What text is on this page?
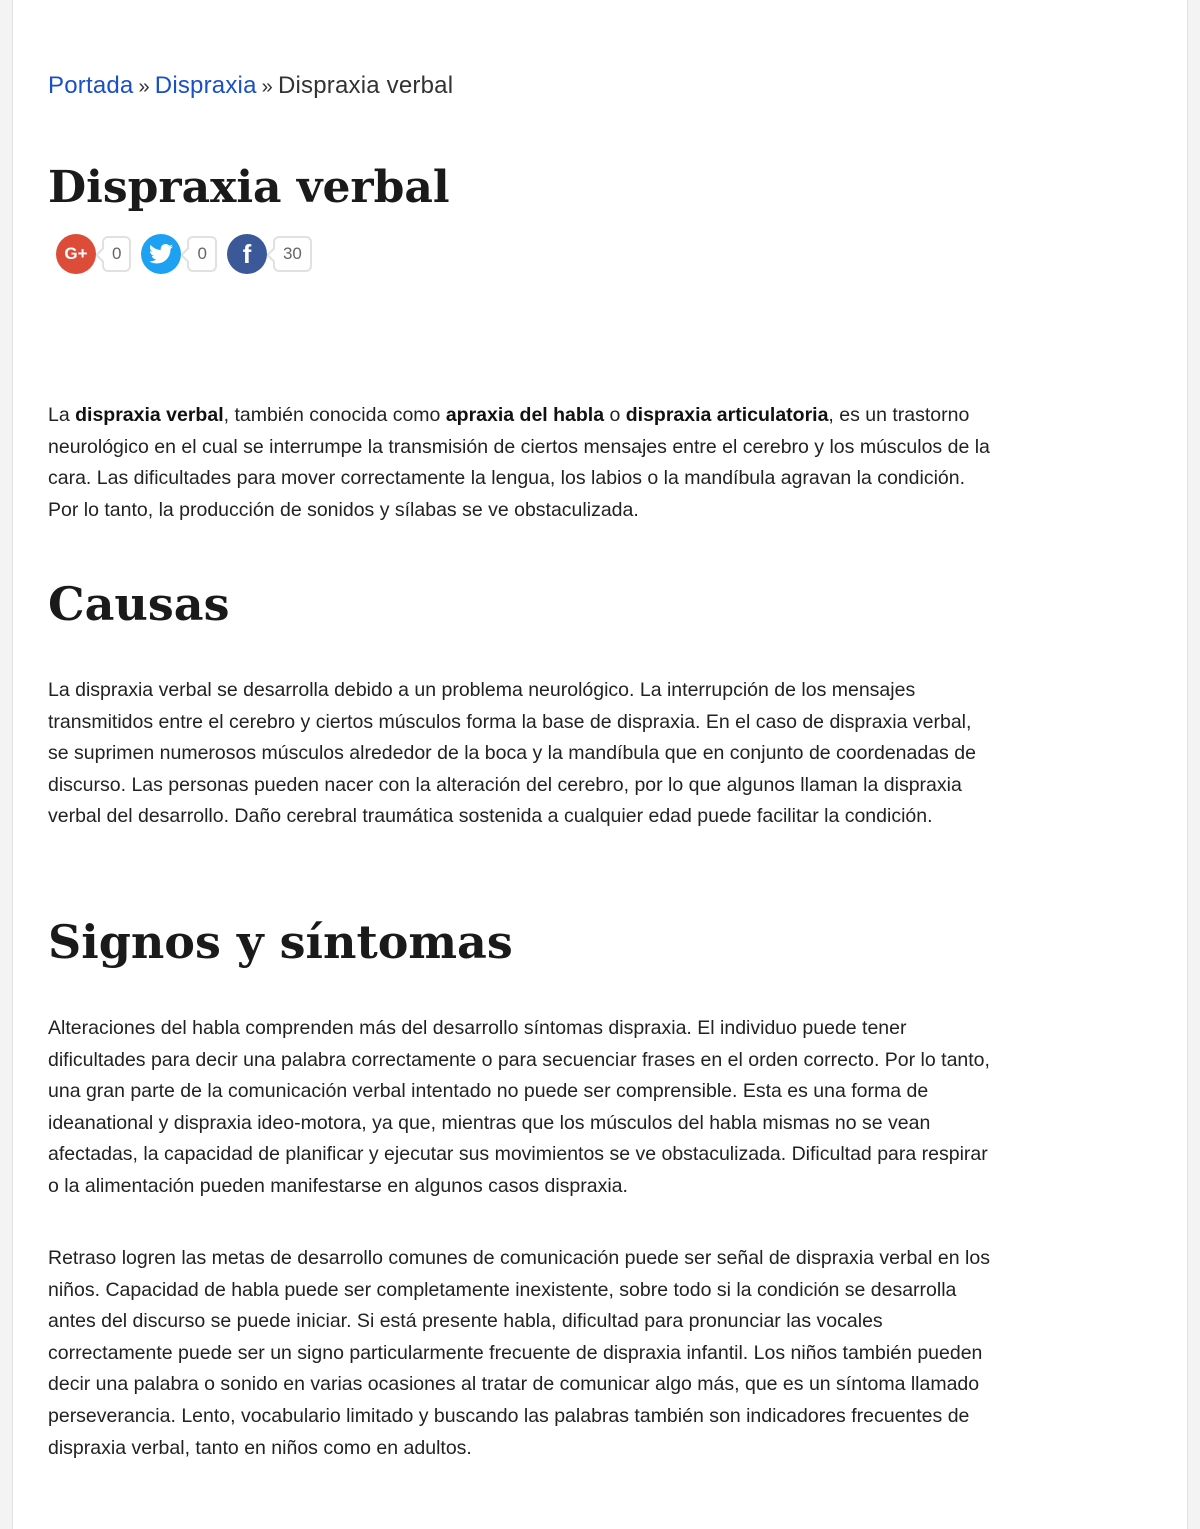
Portada » Dispraxia » Dispraxia verbal
Dispraxia verbal
G+	0	0	f	30

La dispraxia verbal, también conocida como apraxia del habla o dispraxia articulatoria, es un trastorno neurológico en el cual se interrumpe la transmisión de ciertos mensajes entre el cerebro y los músculos de la cara. Las dificultades para mover correctamente la lengua, los labios o la mandíbula agravan la condición. Por lo tanto, la producción de sonidos y sílabas se ve obstaculizada.

Causas

La dispraxia verbal se desarrolla debido a un problema neurológico. La interrupción de los mensajes transmitidos entre el cerebro y ciertos músculos forma la base de dispraxia. En el caso de dispraxia verbal, se suprimen numerosos músculos alrededor de la boca y la mandíbula que en conjunto de coordenadas de discurso. Las personas pueden nacer con la alteración del cerebro, por lo que algunos llaman la dispraxia verbal del desarrollo. Daño cerebral traumática sostenida a cualquier edad puede facilitar la condición.

Signos y síntomas

Alteraciones del habla comprenden más del desarrollo síntomas dispraxia. El individuo puede tener dificultades para decir una palabra correctamente o para secuenciar frases en el orden correcto. Por lo tanto, una gran parte de la comunicación verbal intentado no puede ser comprensible. Esta es una forma de ideanational y dispraxia ideo-motora, ya que, mientras que los músculos del habla mismas no se vean afectadas, la capacidad de planificar y ejecutar sus movimientos se ve obstaculizada. Dificultad para respirar o la alimentación pueden manifestarse en algunos casos dispraxia.

Retraso logren las metas de desarrollo comunes de comunicación puede ser señal de dispraxia verbal en los niños. Capacidad de habla puede ser completamente inexistente, sobre todo si la condición se desarrolla antes del discurso se puede iniciar. Si está presente habla, dificultad para pronunciar las vocales correctamente puede ser un signo particularmente frecuente de dispraxia infantil. Los niños también pueden decir una palabra o sonido en varias ocasiones al tratar de comunicar algo más, que es un síntoma llamado perseverancia. Lento, vocabulario limitado y buscando las palabras también son indicadores frecuentes de dispraxia verbal, tanto en niños como en adultos.
